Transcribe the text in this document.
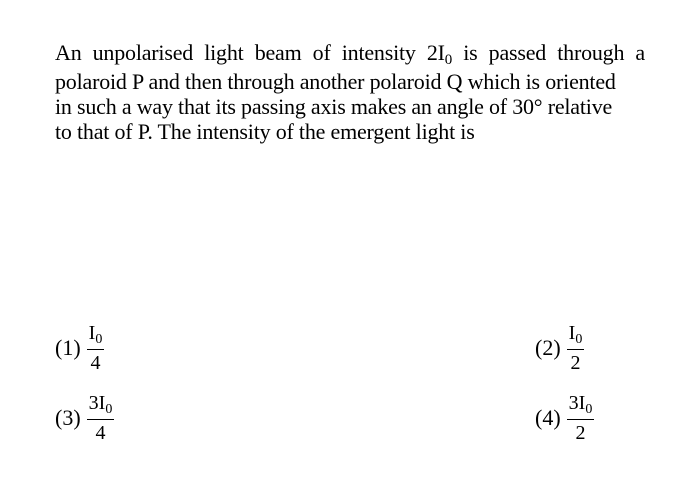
An unpolarised light beam of intensity $2I_0$ is passed through a
polaroid P and then through another polaroid Q which is oriented
in such a way that its passing axis makes an angle of 30° relative
to that of P. The intensity of the emergent light is
$(1) \frac{I_0}{4}$	$(2) \frac{I_0}{2}$
$(3) \frac{3I_0}{4}$	$(4) \frac{3I_0}{2}$
